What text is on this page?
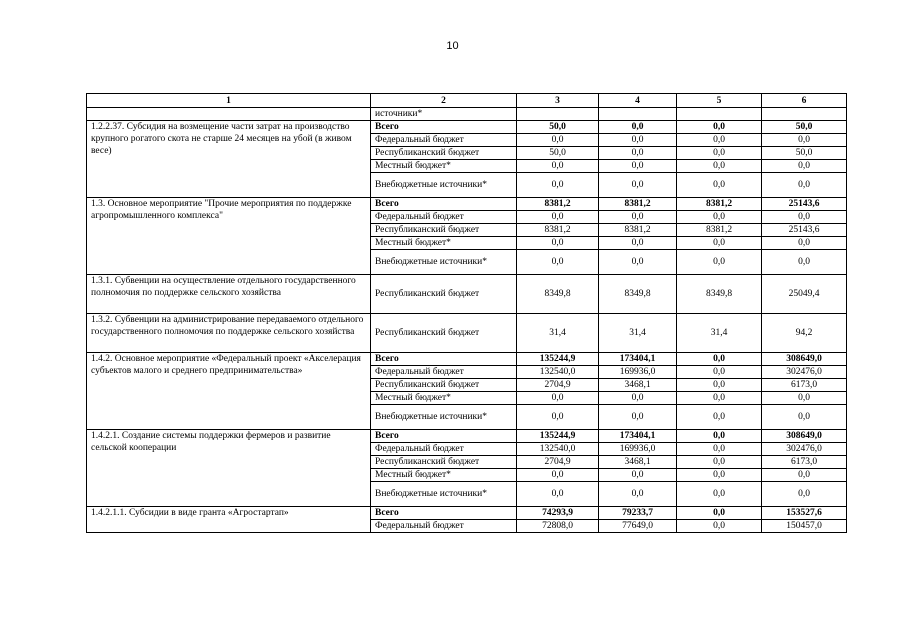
10
1	2	3	4	5	6
	источники*				
1.2.2.37. Субсидия на возмещение части затрат на производство крупного рогатого скота не старше 24 месяцев на убой (в живом весе)	Всего	50,0	0,0	0,0	50,0
	Федеральный бюджет	0,0	0,0	0,0	0,0
	Республиканский бюджет	50,0	0,0	0,0	50,0
	Местный бюджет*	0,0	0,0	0,0	0,0
	Внебюджетные источники*	0,0	0,0	0,0	0,0
1.3. Основное мероприятие "Прочие мероприятия по поддержке агропромышленного комплекса"	Всего	8381,2	8381,2	8381,2	25143,6
	Федеральный бюджет	0,0	0,0	0,0	0,0
	Республиканский бюджет	8381,2	8381,2	8381,2	25143,6
	Местный бюджет*	0,0	0,0	0,0	0,0
	Внебюджетные источники*	0,0	0,0	0,0	0,0
1.3.1. Субвенции на осуществление отдельного государственного полномочия по поддержке сельского хозяйства	Республиканский бюджет	8349,8	8349,8	8349,8	25049,4
1.3.2. Субвенции на администрирование передаваемого отдельного государственного полномочия по поддержке сельского хозяйства	Республиканский бюджет	31,4	31,4	31,4	94,2
1.4.2. Основное мероприятие «Федеральный проект «Акселерация субъектов малого и среднего предпринимательства»	Всего	135244,9	173404,1	0,0	308649,0
	Федеральный бюджет	132540,0	169936,0	0,0	302476,0
	Республиканский бюджет	2704,9	3468,1	0,0	6173,0
	Местный бюджет*	0,0	0,0	0,0	0,0
	Внебюджетные источники*	0,0	0,0	0,0	0,0
1.4.2.1. Создание системы поддержки фермеров и развитие сельской кооперации	Всего	135244,9	173404,1	0,0	308649,0
	Федеральный бюджет	132540,0	169936,0	0,0	302476,0
	Республиканский бюджет	2704,9	3468,1	0,0	6173,0
	Местный бюджет*	0,0	0,0	0,0	0,0
	Внебюджетные источники*	0,0	0,0	0,0	0,0
1.4.2.1.1. Субсидии в виде гранта «Агростартап»	Всего	74293,9	79233,7	0,0	153527,6
	Федеральный бюджет	72808,0	77649,0	0,0	150457,0
